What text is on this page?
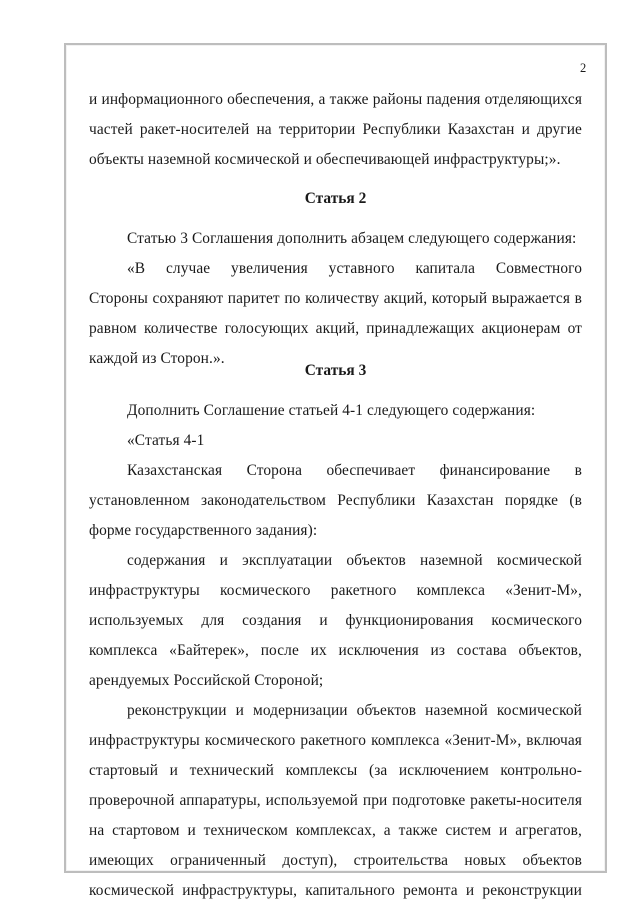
2
и информационного обеспечения, а также районы падения отделяющихся
частей ракет-носителей на территории Республики Казахстан и другие
объекты наземной космической и обеспечивающей инфраструктуры;».
Статья 2
Статью 3 Соглашения дополнить абзацем следующего содержания:
«В случае увеличения уставного капитала Совместного
Стороны сохраняют паритет по количеству акций, который выражается в
равном количестве голосующих акций, принадлежащих акционерам от
каждой из Сторон.».
Статья 3
Дополнить Соглашение статьей 4-1 следующего содержания:
«Статья 4-1
Казахстанская Сторона обеспечивает финансирование в
установленном законодательством Республики Казахстан порядке (в
форме государственного задания):
содержания и эксплуатации объектов наземной космической
инфраструктуры космического ракетного комплекса «Зенит-М»,
используемых для создания и функционирования космического
комплекса «Байтерек», после их исключения из состава объектов,
арендуемых Российской Стороной;
реконструкции и модернизации объектов наземной космической
инфраструктуры космического ракетного комплекса «Зенит-М», включая
стартовый и технический комплексы (за исключением контрольно-
проверочной аппаратуры, используемой при подготовке ракеты-носителя
на стартовом и техническом комплексах, а также систем и агрегатов,
имеющих ограниченный доступ), строительства новых объектов
космической инфраструктуры, капитального ремонта и реконструкции
